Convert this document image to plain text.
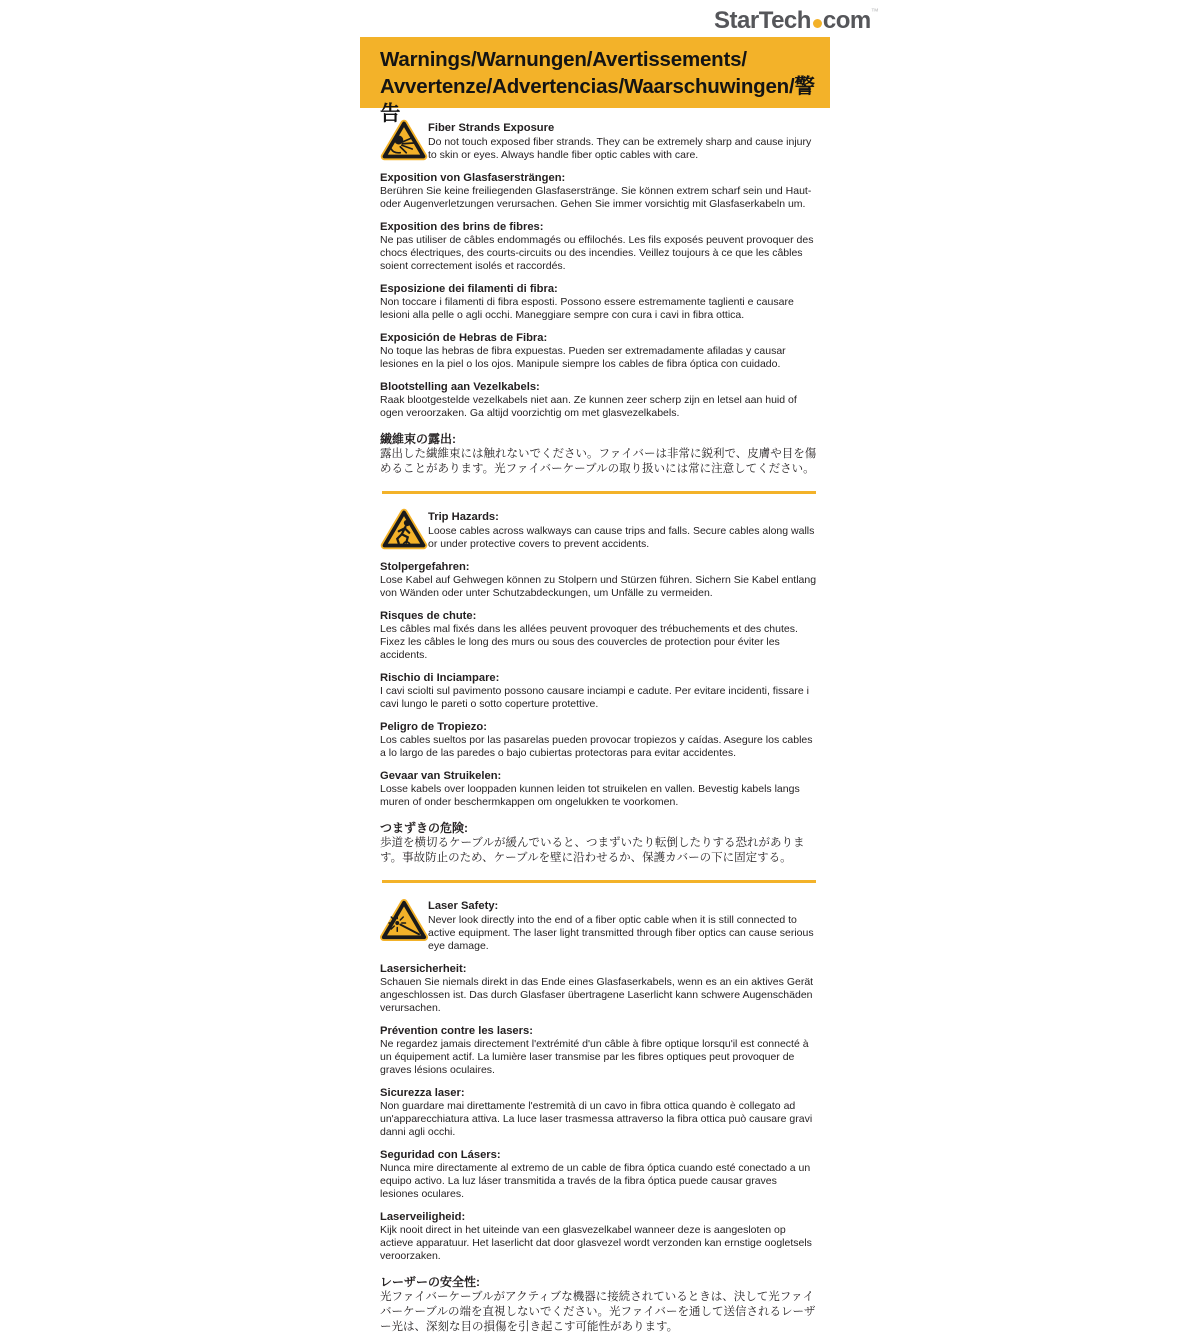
StarTech com™
Warnings/Warnungen/Avertissements/
Avvertenze/Advertencias/Waarschuwingen/警告
Fiber Strands Exposure
Do not touch exposed fiber strands. They can be extremely sharp and cause injury to skin or eyes. Always handle fiber optic cables with care.
Exposition von Glasfasersträngen:
Berühren Sie keine freiliegenden Glasfaserstränge. Sie können extrem scharf sein und Haut- oder Augenverletzungen verursachen. Gehen Sie immer vorsichtig mit Glasfaserkabeln um.
Exposition des brins de fibres:
Ne pas utiliser de câbles endommagés ou effilochés. Les fils exposés peuvent provoquer des chocs électriques, des courts-circuits ou des incendies. Veillez toujours à ce que les câbles soient correctement isolés et raccordés.
Esposizione dei filamenti di fibra:
Non toccare i filamenti di fibra esposti. Possono essere estremamente taglienti e causare lesioni alla pelle o agli occhi. Maneggiare sempre con cura i cavi in fibra ottica.
Exposición de Hebras de Fibra:
No toque las hebras de fibra expuestas. Pueden ser extremadamente afiladas y causar lesiones en la piel o los ojos. Manipule siempre los cables de fibra óptica con cuidado.
Blootstelling aan Vezelkabels:
Raak blootgestelde vezelkabels niet aan. Ze kunnen zeer scherp zijn en letsel aan huid of ogen veroorzaken. Ga altijd voorzichtig om met glasvezelkabels.
繊維束の露出:
露出した繊維束には触れないでください。ファイバーは非常に鋭利で、皮膚や目を傷めることがあります。光ファイバーケーブルの取り扱いには常に注意してください。
Trip Hazards:
Loose cables across walkways can cause trips and falls. Secure cables along walls or under protective covers to prevent accidents.
Stolpergefahren:
Lose Kabel auf Gehwegen können zu Stolpern und Stürzen führen. Sichern Sie Kabel entlang von Wänden oder unter Schutzabdeckungen, um Unfälle zu vermeiden.
Risques de chute:
Les câbles mal fixés dans les allées peuvent provoquer des trébuchements et des chutes. Fixez les câbles le long des murs ou sous des couvercles de protection pour éviter les accidents.
Rischio di Inciampare:
I cavi sciolti sul pavimento possono causare inciampi e cadute. Per evitare incidenti, fissare i cavi lungo le pareti o sotto coperture protettive.
Peligro de Tropiezo:
Los cables sueltos por las pasarelas pueden provocar tropiezos y caídas. Asegure los cables a lo largo de las paredes o bajo cubiertas protectoras para evitar accidentes.
Gevaar van Struikelen:
Losse kabels over looppaden kunnen leiden tot struikelen en vallen. Bevestig kabels langs muren of onder beschermkappen om ongelukken te voorkomen.
つまずきの危険:
歩道を横切るケーブルが緩んでいると、つまずいたり転倒したりする恐れがあります。事故防止のため、ケーブルを壁に沿わせるか、保護カバーの下に固定する。
Laser Safety:
Never look directly into the end of a fiber optic cable when it is still connected to active equipment. The laser light transmitted through fiber optics can cause serious eye damage.
Lasersicherheit:
Schauen Sie niemals direkt in das Ende eines Glasfaserkabels, wenn es an ein aktives Gerät angeschlossen ist. Das durch Glasfaser übertragene Laserlicht kann schwere Augenschäden verursachen.
Prévention contre les lasers:
Ne regardez jamais directement l'extrémité d'un câble à fibre optique lorsqu'il est connecté à un équipement actif. La lumière laser transmise par les fibres optiques peut provoquer de graves lésions oculaires.
Sicurezza laser:
Non guardare mai direttamente l'estremità di un cavo in fibra ottica quando è collegato ad un'apparecchiatura attiva. La luce laser trasmessa attraverso la fibra ottica può causare gravi danni agli occhi.
Seguridad con Lásers:
Nunca mire directamente al extremo de un cable de fibra óptica cuando esté conectado a un equipo activo. La luz láser transmitida a través de la fibra óptica puede causar graves lesiones oculares.
Laserveiligheid:
Kijk nooit direct in het uiteinde van een glasvezelkabel wanneer deze is aangesloten op actieve apparatuur. Het laserlicht dat door glasvezel wordt verzonden kan ernstige oogletsels veroorzaken.
レーザーの安全性:
光ファイバーケーブルがアクティブな機器に接続されているときは、決して光ファイバーケーブルの端を直視しないでください。光ファイバーを通して送信されるレーザー光は、深刻な目の損傷を引き起こす可能性があります。
